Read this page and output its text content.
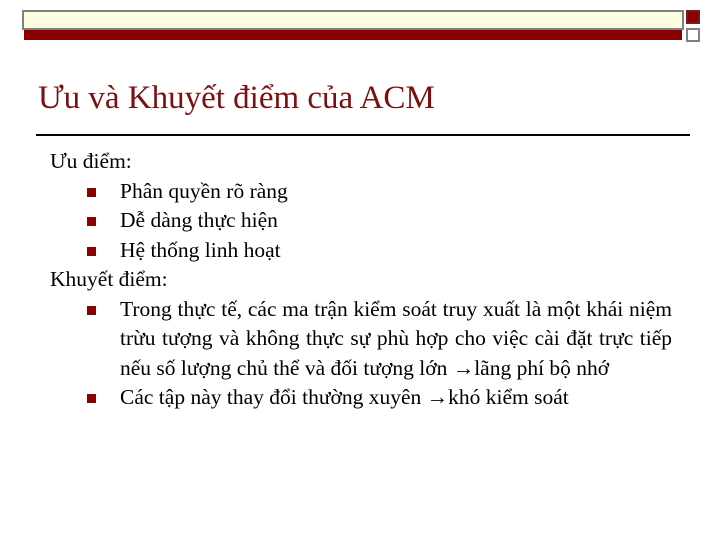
Ưu và Khuyết điểm của ACM
Ưu điểm:
Phân quyền rõ ràng
Dễ dàng thực hiện
Hệ thống linh hoạt
Khuyết điểm:
Trong thực tế, các ma trận kiểm soát truy xuất là một khái niệm trừu tượng và không thực sự phù hợp cho việc cài đặt trực tiếp nếu số lượng chủ thể và đối tượng lớn →lãng phí bộ nhớ
Các tập này thay đổi thường xuyên →khó kiểm soát
